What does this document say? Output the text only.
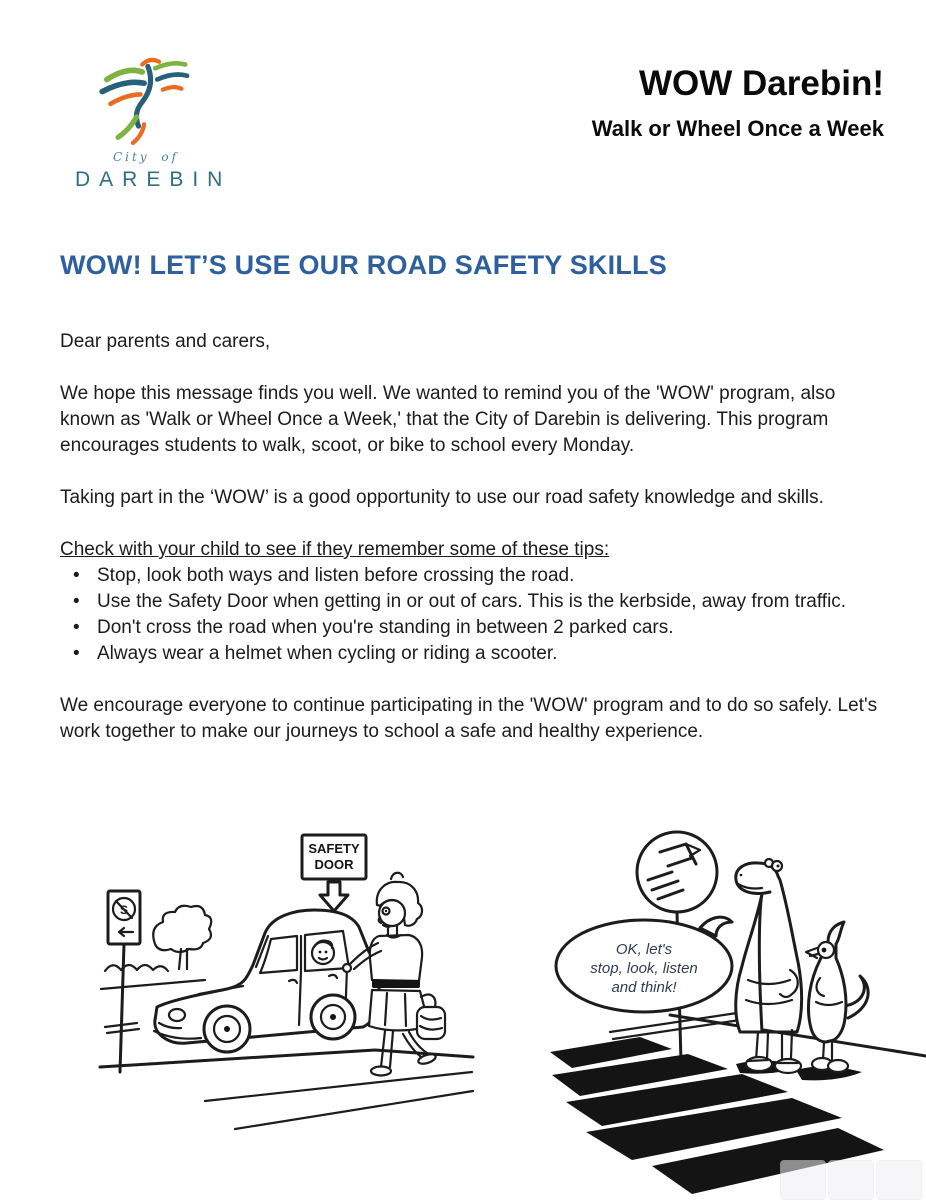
City of
DAREBIN
WOW Darebin!
Walk or Wheel Once a Week
WOW! LET’S USE OUR ROAD SAFETY SKILLS

Dear parents and carers,

We hope this message finds you well. We wanted to remind you of the 'WOW' program, also known as 'Walk or Wheel Once a Week,' that the City of Darebin is delivering. This program encourages students to walk, scoot, or bike to school every Monday.

Taking part in the ‘WOW’ is a good opportunity to use our road safety knowledge and skills.

Check with your child to see if they remember some of these tips:

• Stop, look both ways and listen before crossing the road.
• Use the Safety Door when getting in or out of cars. This is the kerbside, away from traffic.
• Don't cross the road when you're standing in between 2 parked cars.
• Always wear a helmet when cycling or riding a scooter.

We encourage everyone to continue participating in the 'WOW' program and to do so safely. Let's work together to make our journeys to school a safe and healthy experience.

S
SAFETY
DOOR
OK, let's
stop, look, listen
and think!
